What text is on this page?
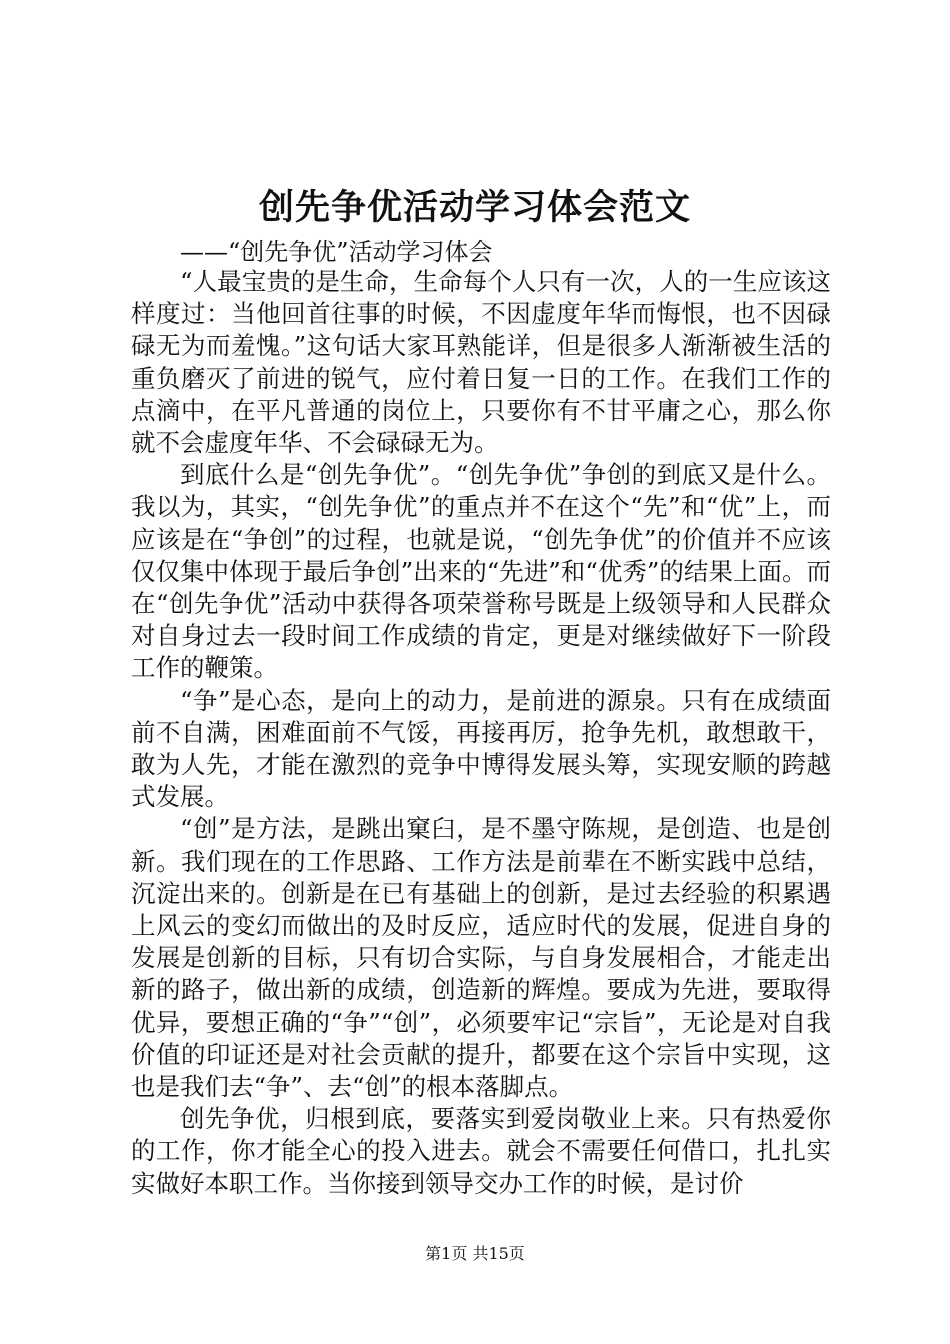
创先争优活动学习体会范文
——“创先争优”活动学习体会

“人最宝贵的是生命，生命每个人只有一次，人的一生应该这样度过：当他回首往事的时候，不因虚度年华而悔恨，也不因碌碌无为而羞愧。”这句话大家耳熟能详，但是很多人渐渐被生活的重负磨灭了前进的锐气，应付着日复一日的工作。在我们工作的点滴中，在平凡普通的岗位上，只要你有不甘平庸之心，那么你就不会虚度年华、不会碌碌无为。

到底什么是“创先争优”。“创先争优”争创的到底又是什么。我以为，其实，“创先争优”的重点并不在这个“先”和“优”上，而应该是在“争创”的过程，也就是说，“创先争优”的价值并不应该仅仅集中体现于最后争创”出来的“先进”和“优秀”的结果上面。而在“创先争优”活动中获得各项荣誉称号既是上级领导和人民群众对自身过去一段时间工作成绩的肯定，更是对继续做好下一阶段工作的鞭策。

“争”是心态，是向上的动力，是前进的源泉。只有在成绩面前不自满，困难面前不气馁，再接再厉，抢争先机，敢想敢干，敢为人先，才能在激烈的竞争中博得发展头筹，实现安顺的跨越式发展。

“创”是方法，是跳出窠臼，是不墨守陈规，是创造、也是创新。我们现在的工作思路、工作方法是前辈在不断实践中总结，沉淀出来的。创新是在已有基础上的创新，是过去经验的积累遇上风云的变幻而做出的及时反应，适应时代的发展，促进自身的发展是创新的目标，只有切合实际，与自身发展相合，才能走出新的路子，做出新的成绩，创造新的辉煌。要成为先进，要取得优异，要想正确的“争”“创”，必须要牢记“宗旨”，无论是对自我价值的印证还是对社会贡献的提升，都要在这个宗旨中实现，这也是我们去“争”、去“创”的根本落脚点。

创先争优，归根到底，要落实到爱岗敬业上来。只有热爱你的工作，你才能全心的投入进去。就会不需要任何借口，扎扎实实做好本职工作。当你接到领导交办工作的时候，是讨价

第1页 共15页
